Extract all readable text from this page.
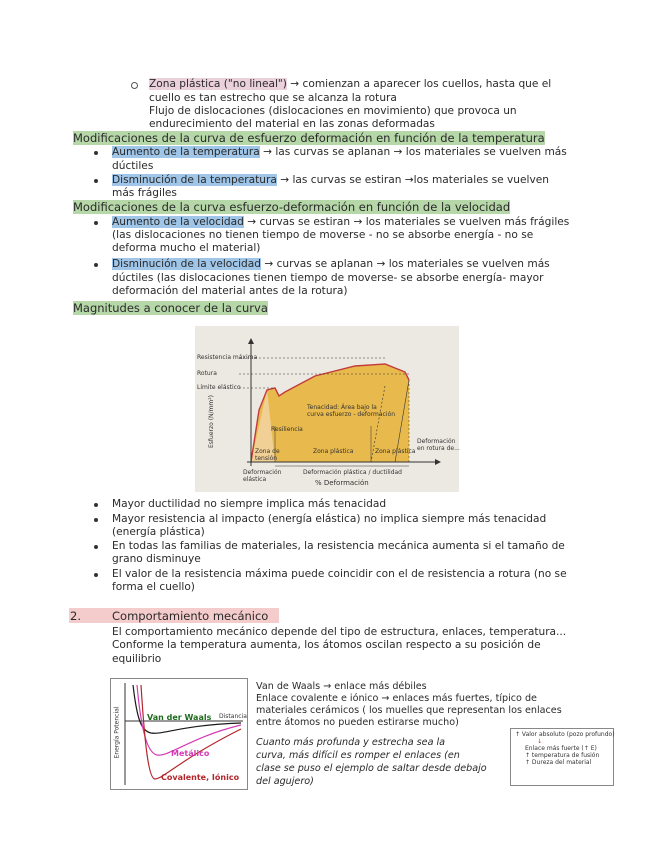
Zona plástica ("no lineal") → comienzan a aparecer los cuellos, hasta que el
cuello es tan estrecho que se alcanza la rotura
Flujo de dislocaciones (dislocaciones en movimiento) que provoca un
endurecimiento del material en las zonas deformadas
Modificaciones de la curva de esfuerzo deformación en función de la temperatura
Aumento de la temperatura → las curvas se aplanan → los materiales se vuelven más
dúctiles
Disminución de la temperatura → las curvas se estiran →los materiales se vuelven
más frágiles
Modificaciones de la curva esfuerzo-deformación en función de la velocidad
Aumento de la velocidad → curvas se estiran → los materiales se vuelven más frágiles
(las dislocaciones no tienen tiempo de moverse - no se absorbe energía - no se
deforma mucho el material)
Disminución de la velocidad → curvas se aplanan → los materiales se vuelven más
dúctiles (las dislocaciones tienen tiempo de moverse- se absorbe energía- mayor
deformación del material antes de la rotura)
Magnitudes a conocer de la curva
Resistencia máxima
Rotura
Límite elástico
Esfuerzo (N/mm²)	Resiliencia
Tenacidad: Área bajo la
curva esfuerzo - deformación
Zona de
tensión
Zona plástica	Zona plástica
Deformación
en rotura de...
Deformación
elástica
Deformación plástica / ductilidad
% Deformación
Mayor ductilidad no siempre implica más tenacidad
Mayor resistencia al impacto (energía elástica) no implica siempre más tenacidad
(energía plástica)
En todas las familias de materiales, la resistencia mecánica aumenta si el tamaño de
grano disminuye
El valor de la resistencia máxima puede coincidir con el de resistencia a rotura (no se
forma el cuello)
2.	Comportamiento mecánico
El comportamiento mecánico depende del tipo de estructura, enlaces, temperatura...
Conforme la temperatura aumenta, los átomos oscilan respecto a su posición de
equilibrio
Van der Waals
Metálico
Covalente, Iónico
Distancia
Energía Potencial
Van de Waals → enlace más débiles
Enlace covalente e iónico → enlaces más fuertes, típico de
materiales cerámicos ( los muelles que representan los enlaces
entre átomos no pueden estirarse mucho)
Cuanto más profunda y estrecha sea la
curva, más difícil es romper el enlaces (en
clase se puso el ejemplo de saltar desde debajo
del agujero)
↑ Valor absoluto (pozo profundo)
↓
Enlace más fuerte (↑ E)
↑ temperatura de fusión
↑ Dureza del material
